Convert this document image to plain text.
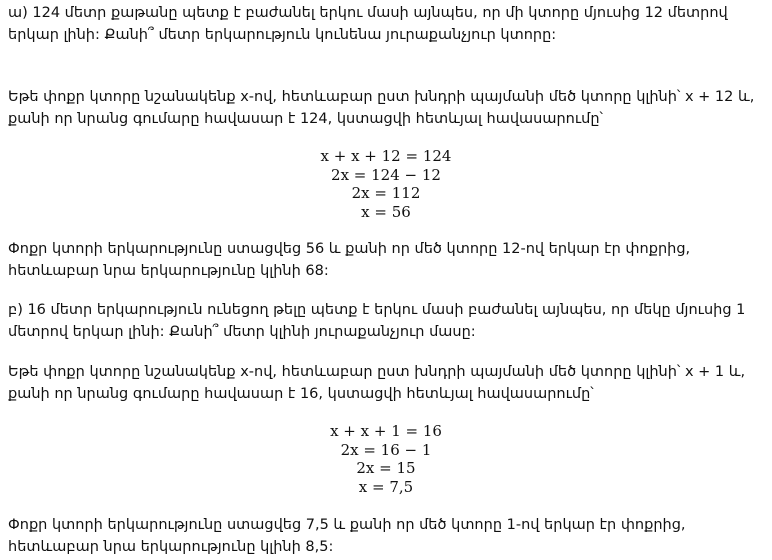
ա) 124 մետր քաթանը պետք է բաժանել երկու մասի այնպես, որ մի կտորը մյուսից 12 մետրով երկար լինի: Քանի՞ մետր երկարություն կունենա յուրաքանչյուր կտորը:

Եթե փոքր կտորը նշանակենք x-ով, հետևաբար ըստ խնդրի պայմանի մեծ կտորը կլինի՝ x + 12 և, քանի որ նրանց գումարը հավասար է 124, կստացվի հետևյալ հավասարումը՝

x + x + 12 = 124
2x = 124 − 12
2x = 112
x = 56

Փոքր կտորի երկարությունը ստացվեց 56 և քանի որ մեծ կտորը 12-ով երկար էր փոքրից, հետևաբար նրա երկարությունը կլինի 68:

բ) 16 մետր երկարություն ունեցող թելը պետք է երկու մասի բաժանել այնպես, որ մեկը մյուսից 1 մետրով երկար լինի: Քանի՞ մետր կլինի յուրաքանչյուր մասը:

Եթե փոքր կտորը նշանակենք x-ով, հետևաբար ըստ խնդրի պայմանի մեծ կտորը կլինի՝ x + 1 և, քանի որ նրանց գումարը հավասար է 16, կստացվի հետևյալ հավասարումը՝

x + x + 1 = 16
2x = 16 − 1
2x = 15
x = 7,5

Փոքր կտորի երկարությունը ստացվեց 7,5 և քանի որ մեծ կտորը 1-ով երկար էր փոքրից, հետևաբար նրա երկարությունը կլինի 8,5:
